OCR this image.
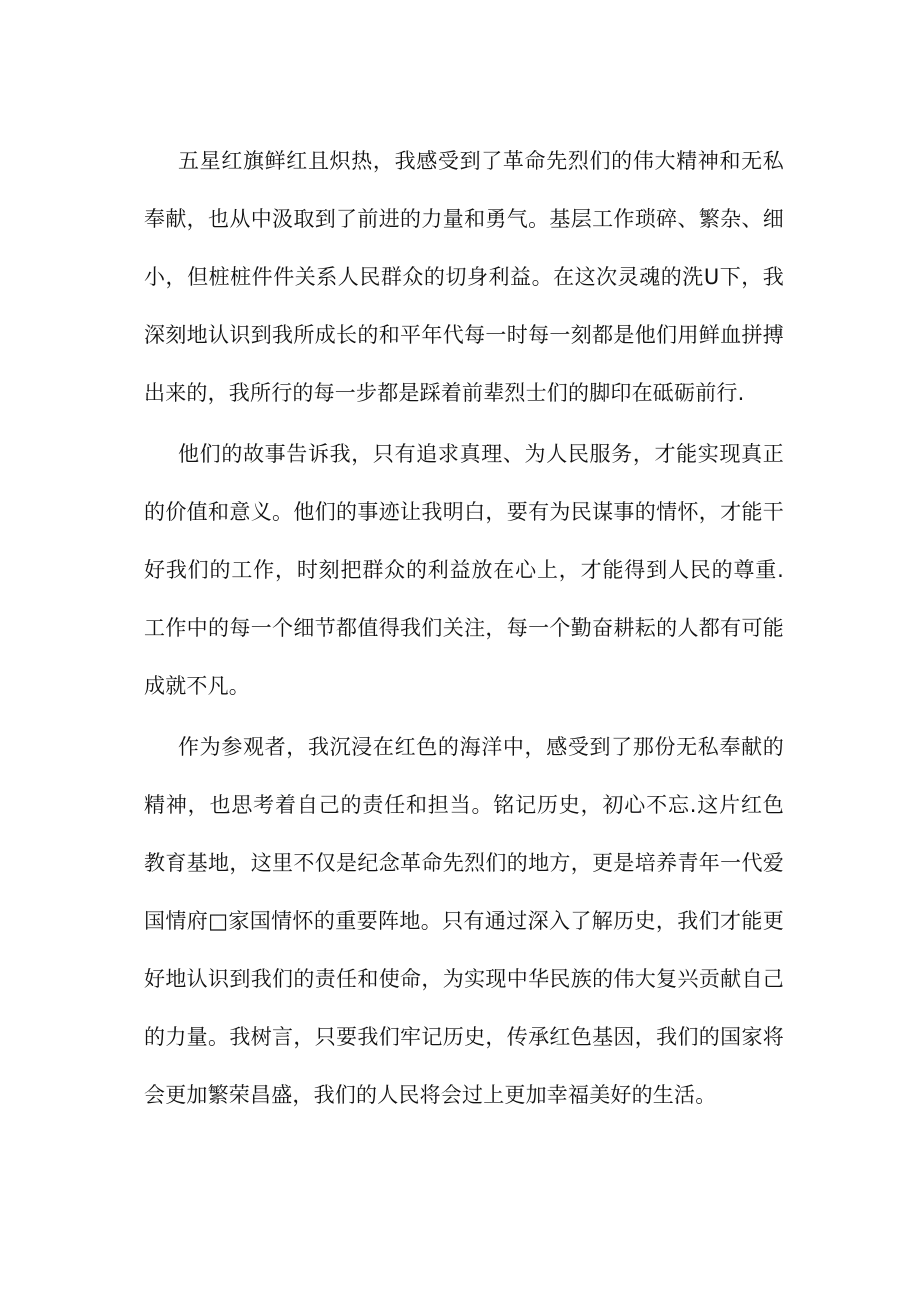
五星红旗鲜红且炽热，我感受到了革命先烈们的伟大精神和无私奉献，也从中汲取到了前进的力量和勇气。基层工作琐碎、繁杂、细小，但桩桩件件关系人民群众的切身利益。在这次灵魂的洗U下，我深刻地认识到我所成长的和平年代每一时每一刻都是他们用鲜血拼搏出来的，我所行的每一步都是踩着前辈烈士们的脚印在砥砺前行.

他们的故事告诉我，只有追求真理、为人民服务，才能实现真正的价值和意义。他们的事迹让我明白，要有为民谋事的情怀，才能干好我们的工作，时刻把群众的利益放在心上，才能得到人民的尊重.工作中的每一个细节都值得我们关注，每一个勤奋耕耘的人都有可能成就不凡。

作为参观者，我沉浸在红色的海洋中，感受到了那份无私奉献的精神，也思考着自己的责任和担当。铭记历史，初心不忘.这片红色教育基地，这里不仅是纪念革命先烈们的地方，更是培养青年一代爱国情府□家国情怀的重要阵地。只有通过深入了解历史，我们才能更好地认识到我们的责任和使命，为实现中华民族的伟大复兴贡献自己的力量。我树言，只要我们牢记历史，传承红色基因，我们的国家将会更加繁荣昌盛，我们的人民将会过上更加幸福美好的生活。
